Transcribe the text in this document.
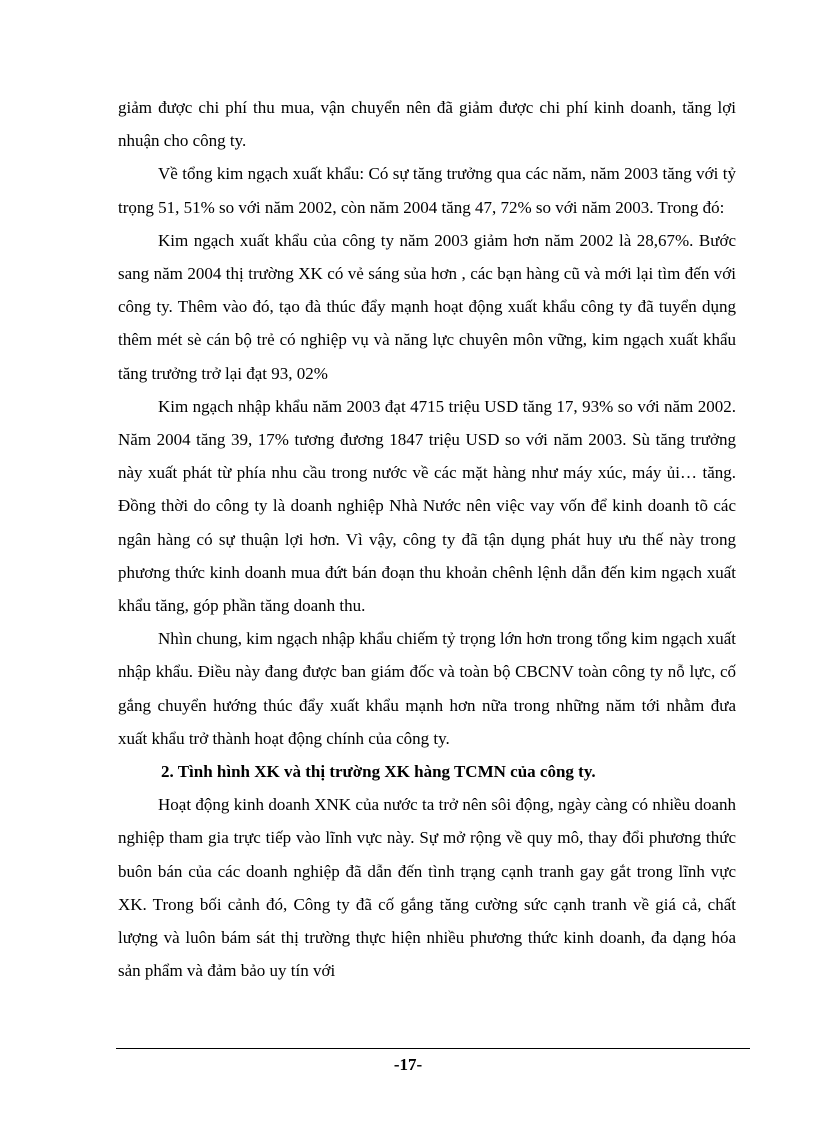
giảm được chi phí thu mua, vận chuyển nên đã giảm được chi phí kinh doanh, tăng lợi nhuận cho công ty.

Về tổng kim ngạch xuất khẩu: Có sự tăng trưởng qua các năm, năm 2003 tăng với tỷ trọng 51, 51% so với năm 2002, còn năm 2004 tăng 47, 72% so với năm 2003. Trong đó:

Kim ngạch xuất khẩu của công ty năm 2003 giảm hơn năm 2002 là 28,67%. Bước sang năm 2004 thị trường XK có vẻ sáng sủa hơn , các bạn hàng cũ và mới lại tìm đến với công ty. Thêm vào đó, tạo đà thúc đẩy mạnh hoạt động xuất khẩu công ty đã tuyển dụng thêm mét sè cán bộ trẻ có nghiệp vụ và năng lực chuyên môn vững, kim ngạch xuất khẩu tăng trưởng trở lại đạt 93, 02%

Kim ngạch nhập khẩu năm 2003 đạt 4715 triệu USD tăng 17, 93% so với năm 2002. Năm 2004 tăng 39, 17% tương đương 1847 triệu USD so với năm 2003. Sù tăng trưởng này xuất phát từ phía nhu cầu trong nước về các mặt hàng như máy xúc, máy ủi… tăng. Đồng thời do công ty là doanh nghiệp Nhà Nước nên việc vay vốn để kinh doanh tõ các ngân hàng có sự thuận lợi hơn. Vì vậy, công ty đã tận dụng phát huy ưu thế này trong phương thức kinh doanh mua đứt bán đoạn thu khoản chênh lệnh dẫn đến kim ngạch xuất khẩu tăng, góp phần tăng doanh thu.

Nhìn chung, kim ngạch nhập khẩu chiếm tỷ trọng lớn hơn trong tổng kim ngạch xuất nhập khẩu. Điều này đang được ban giám đốc và toàn bộ CBCNV toàn công ty nỗ lực, cố gắng chuyển hướng thúc đẩy xuất khẩu mạnh hơn nữa trong những năm tới nhằm đưa xuất khẩu trở thành hoạt động chính của công ty.

2. Tình hình XK và thị trường XK hàng TCMN của công ty.

Hoạt động kinh doanh XNK của nước ta trở nên sôi động, ngày càng có nhiều doanh nghiệp tham gia trực tiếp vào lĩnh vực này. Sự mở rộng về quy mô, thay đổi phương thức buôn bán của các doanh nghiệp đã dẫn đến tình trạng cạnh tranh gay gắt trong lĩnh vực XK. Trong bối cảnh đó, Công ty đã cố gắng tăng cường sức cạnh tranh về giá cả, chất lượng và luôn bám sát thị trường thực hiện nhiều phương thức kinh doanh, đa dạng hóa sản phẩm và đảm bảo uy tín với

-17-
